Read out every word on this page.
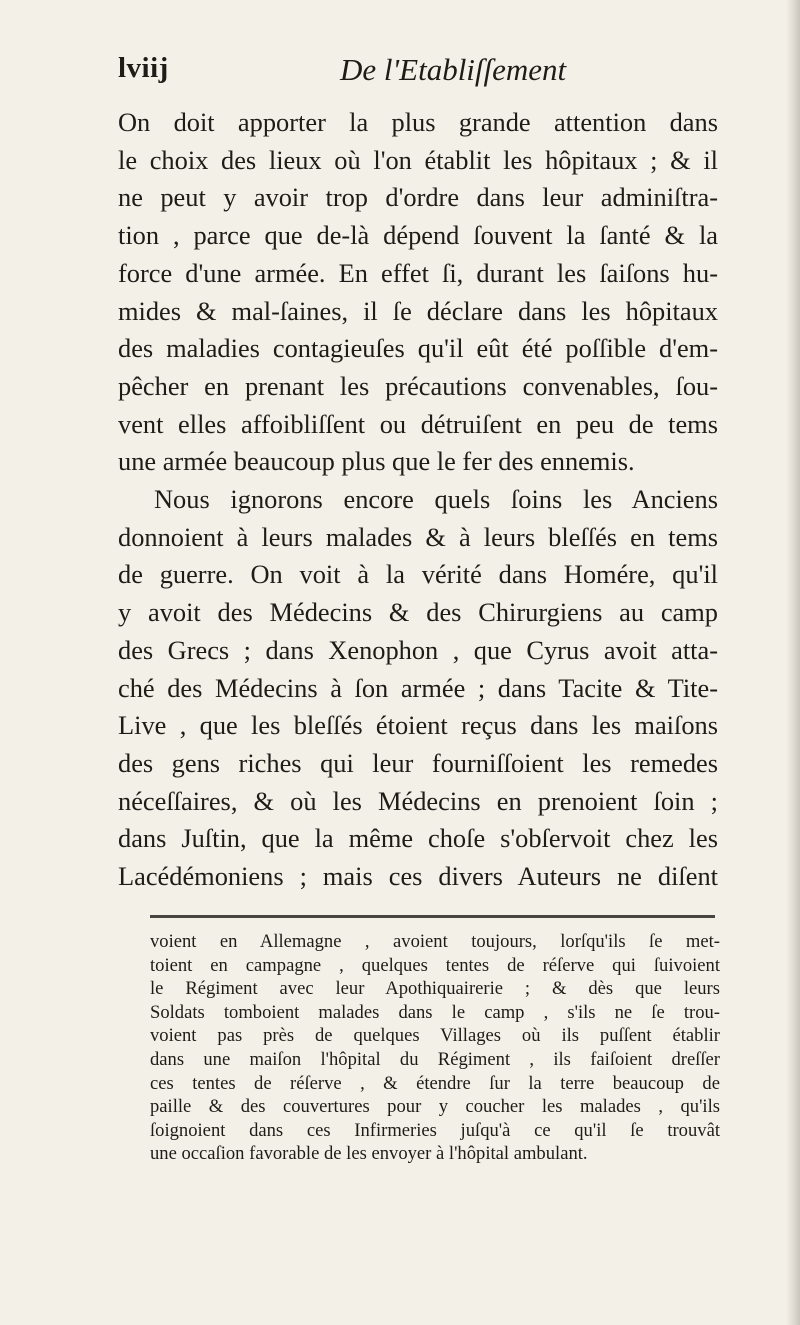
lviij	De l'Etabliſſement
On doit apporter la plus grande attention dans
le choix des lieux où l'on établit les hôpitaux ; & il
ne peut y avoir trop d'ordre dans leur adminiſtra-
tion , parce que de-là dépend ſouvent la ſanté & la
force d'une armée. En effet ſi, durant les ſaiſons hu-
mides & mal-ſaines, il ſe déclare dans les hôpitaux
des maladies contagieuſes qu'il eût été poſſible d'em-
pêcher en prenant les précautions convenables, ſou-
vent elles affoibliſſent ou détruiſent en peu de tems
une armée beaucoup plus que le fer des ennemis.
Nous ignorons encore quels ſoins les Anciens
donnoient à leurs malades & à leurs bleſſés en tems
de guerre. On voit à la vérité dans Homére, qu'il
y avoit des Médecins & des Chirurgiens au camp
des Grecs ; dans Xenophon , que Cyrus avoit atta-
ché des Médecins à ſon armée ; dans Tacite & Tite-
Live , que les bleſſés étoient reçus dans les maiſons
des gens riches qui leur fourniſſoient les remedes
néceſſaires, & où les Médecins en prenoient ſoin ;
dans Juſtin, que la même choſe s'obſervoit chez les
Lacédémoniens ; mais ces divers Auteurs ne diſent
voient en Allemagne , avoient toujours, lorſqu'ils ſe met-
toient en campagne , quelques tentes de réſerve qui ſuivoient
le Régiment avec leur Apothiquairerie ; & dès que leurs
Soldats tomboient malades dans le camp , s'ils ne ſe trou-
voient pas près de quelques Villages où ils puſſent établir
dans une maiſon l'hôpital du Régiment , ils faiſoient dreſſer
ces tentes de réſerve , & étendre ſur la terre beaucoup de
paille & des couvertures pour y coucher les malades , qu'ils
ſoignoient dans ces Infirmeries juſqu'à ce qu'il ſe trouvât
une occaſion favorable de les envoyer à l'hôpital ambulant.
